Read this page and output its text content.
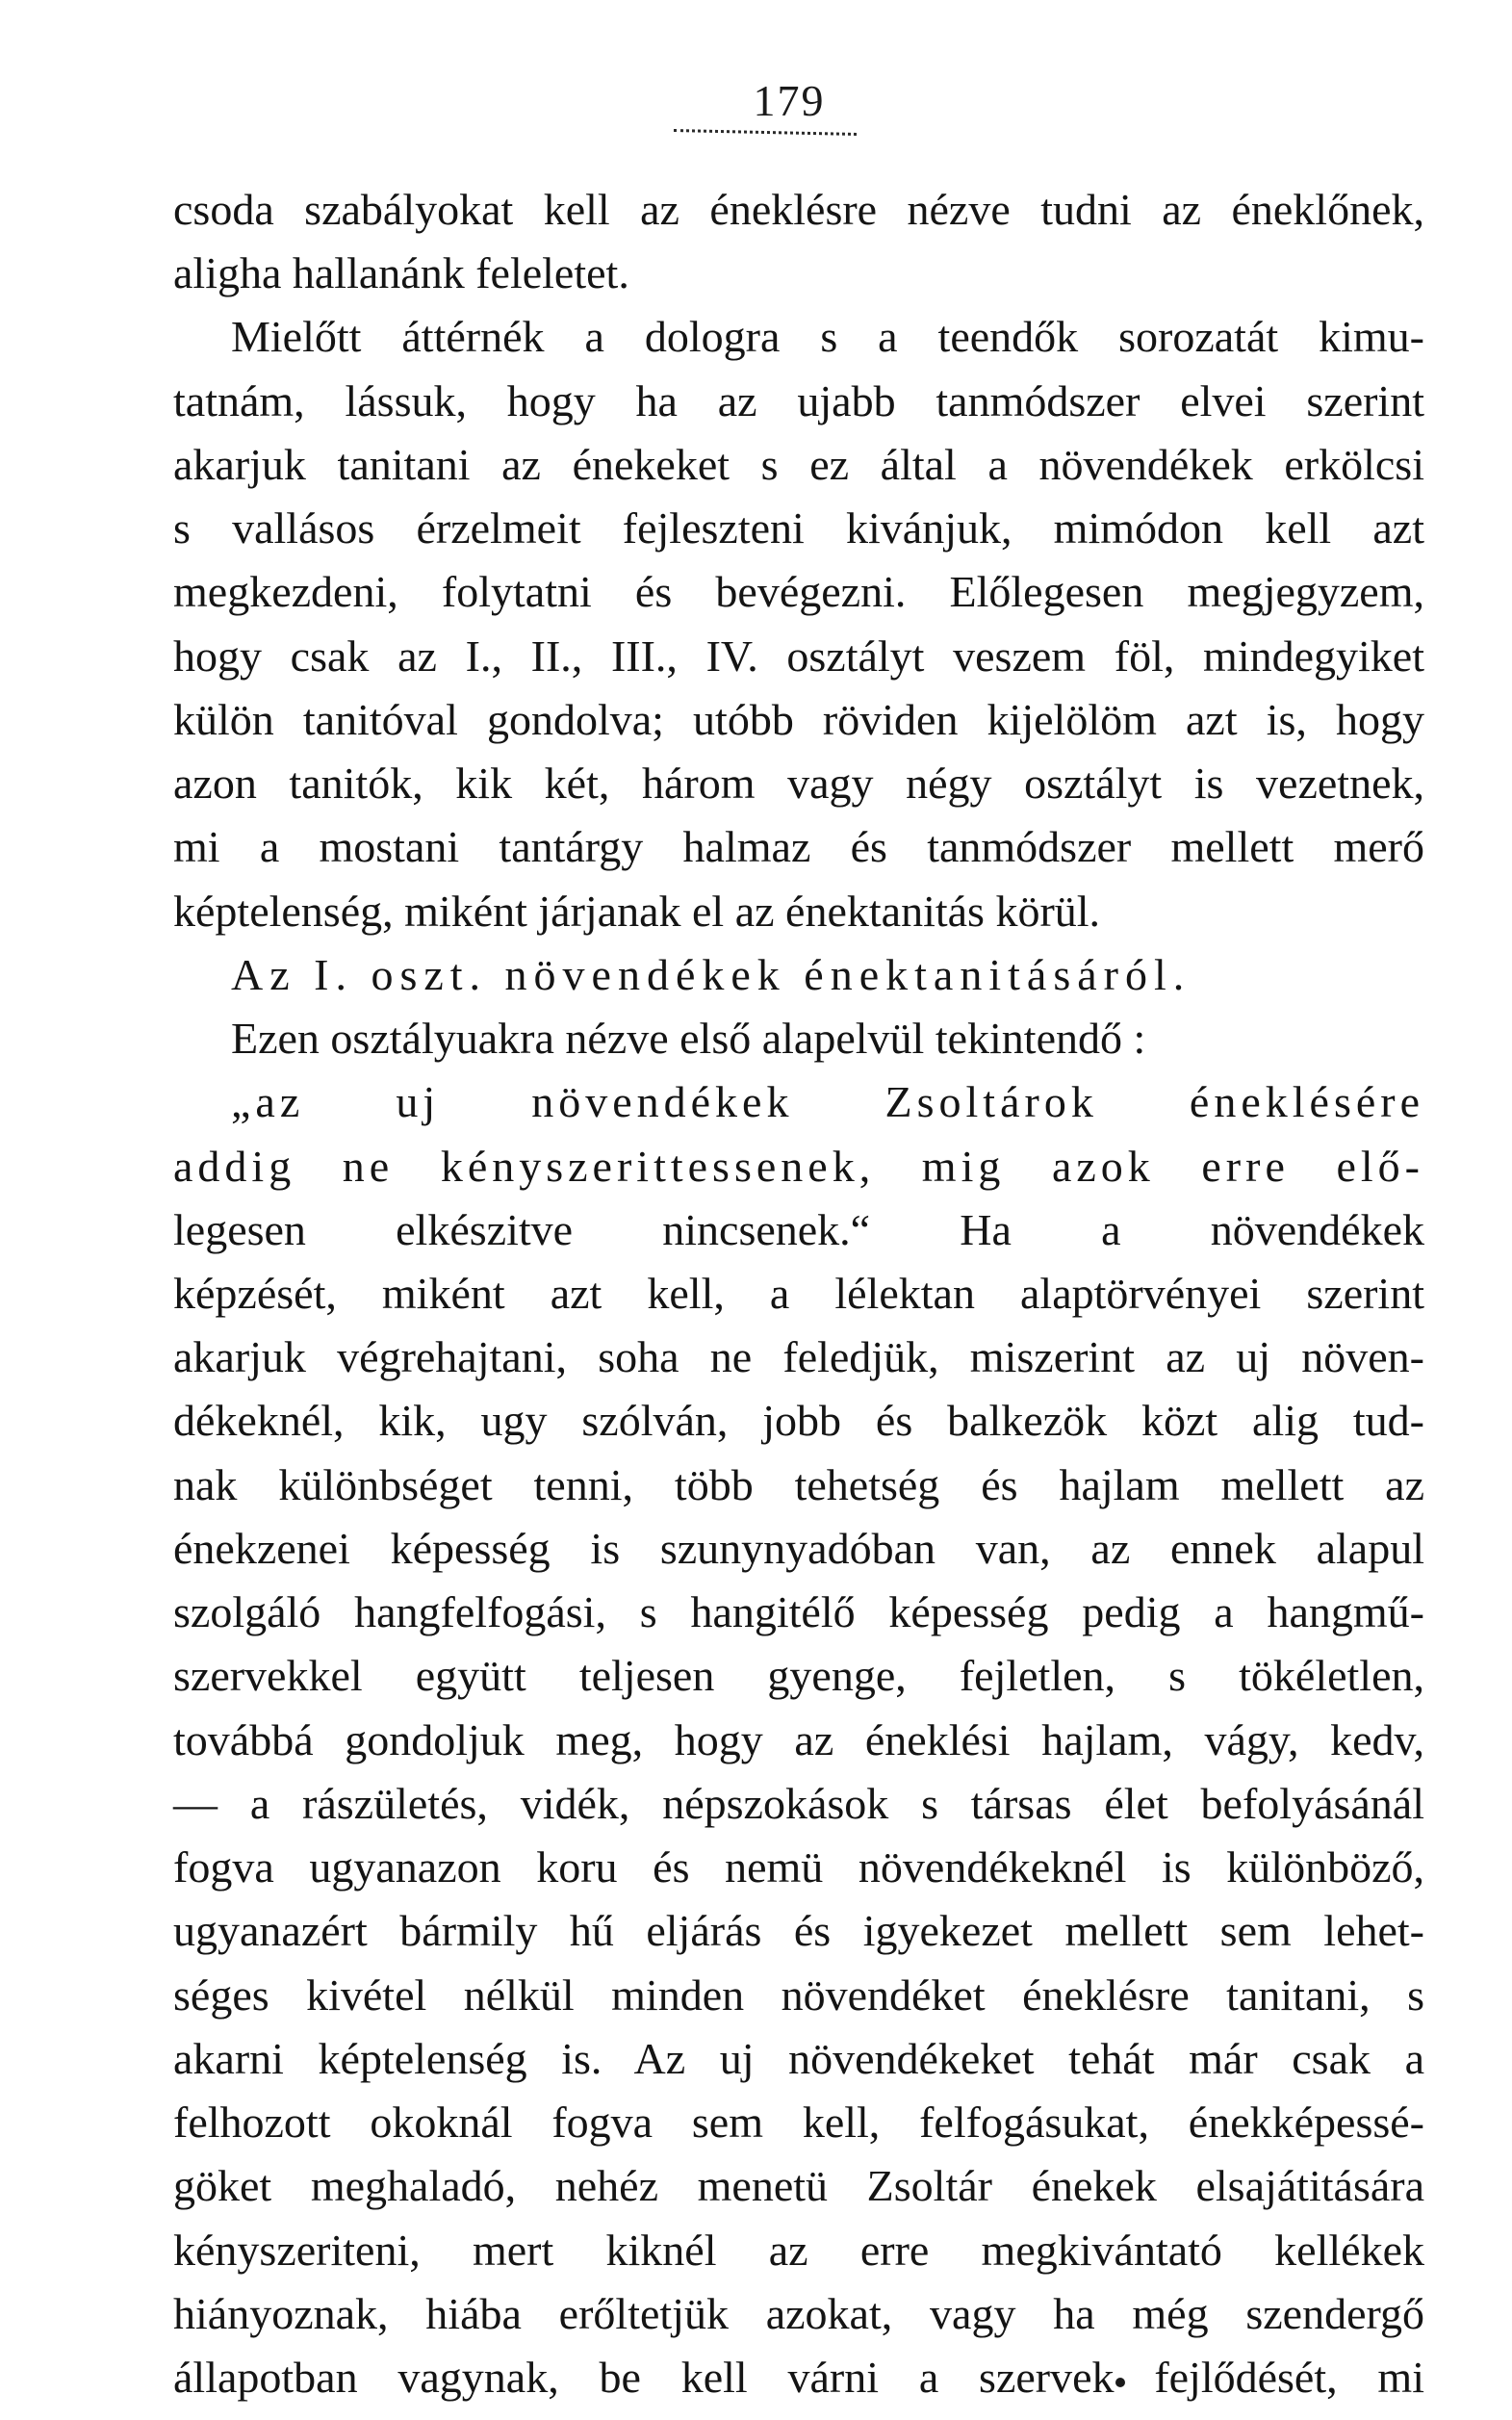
179
csoda szabályokat kell az éneklésre nézve tudni az éneklőnek,
aligha hallanánk feleletet.
Mielőtt áttérnék a dologra s a teendők sorozatát kimu-
tatnám, lássuk, hogy ha az ujabb tanmódszer elvei szerint
akarjuk tanitani az énekeket s ez által a növendékek erkölcsi
s vallásos érzelmeit fejleszteni kivánjuk, mimódon kell azt
megkezdeni, folytatni és bevégezni. Előlegesen megjegyzem,
hogy csak az I., II., III., IV. osztályt veszem föl, mindegyiket
külön tanitóval gondolva; utóbb röviden kijelölöm azt is, hogy
azon tanitók, kik két, három vagy négy osztályt is vezetnek,
mi a mostani tantárgy halmaz és tanmódszer mellett merő
képtelenség, miként járjanak el az énektanitás körül.
Az I. oszt. növendékek énektanitásáról.
Ezen osztályuakra nézve első alapelvül tekintendő :
„az uj növendékek Zsoltárok éneklésére
addig ne kényszerittessenek, mig azok erre elő-
legesen elkészitve nincsenek.“ Ha a növendékek
képzését, miként azt kell, a lélektan alaptörvényei szerint
akarjuk végrehajtani, soha ne feledjük, miszerint az uj növen-
dékeknél, kik, ugy szólván, jobb és balkezök közt alig tud-
nak különbséget tenni, több tehetség és hajlam mellett az
énekzenei képesség is szunynyadóban van, az ennek alapul
szolgáló hangfelfogási, s hangitélő képesség pedig a hangmű-
szervekkel együtt teljesen gyenge, fejletlen, s tökéletlen,
továbbá gondoljuk meg, hogy az éneklési hajlam, vágy, kedv,
— a rászületés, vidék, népszokások s társas élet befolyásánál
fogva ugyanazon koru és nemü növendékeknél is különböző,
ugyanazért bármily hű eljárás és igyekezet mellett sem lehet-
séges kivétel nélkül minden növendéket éneklésre tanitani, s
akarni képtelenség is. Az uj növendékeket tehát már csak a
felhozott okoknál fogva sem kell, felfogásukat, énekképessé-
göket meghaladó, nehéz menetü Zsoltár énekek elsajátitására
kényszeriteni, mert kiknél az erre megkivántató kellékek
hiányoznak, hiába erőltetjük azokat, vagy ha még szendergő
állapotban vagynak, be kell várni a szervek fejlődését, mi
